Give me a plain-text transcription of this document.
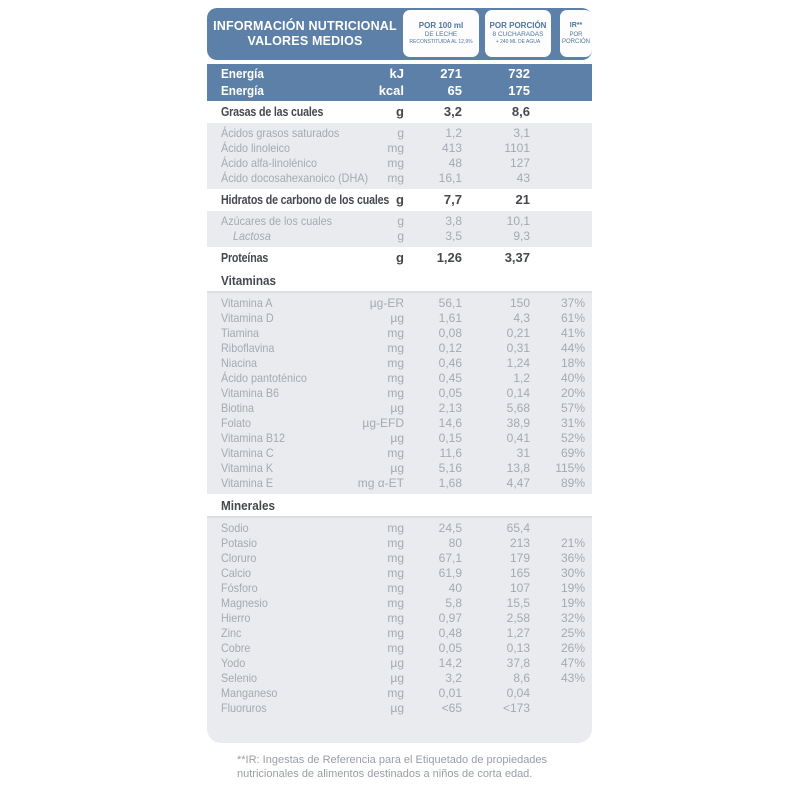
INFORMACIÓN NUTRICIONAL
VALORES MEDIOS
POR 100 ml
DE LECHE
RECONSTITUIDA AL 12,9%
POR PORCIÓN
8 CUCHARADAS
+ 240 ML DE AGUA
IR**
POR
PORCIÓN
Energía	kJ	271	732
Energía	kcal	65	175
Grasas de las cuales	g	3,2	8,6
Ácidos grasos saturados	g	1,2	3,1
Ácido linoleico	mg	413	1101
Ácido alfa-linolénico	mg	48	127
Ácido docosahexanoico (DHA) mg	16,1	43
Hidratos de carbono de los cuales g	7,7	21
Azúcares de los cuales	g	3,8	10,1
Lactosa	g	3,5	9,3
Proteínas	g	1,26	3,37
Vitaminas
Vitamina A	µg-ER	56,1	150	37%
Vitamina D	µg	1,61	4,3	61%
Tiamina	mg	0,08	0,21	41%
Riboflavina	mg	0,12	0,31	44%
Niacina	mg	0,46	1,24	18%
Ácido pantoténico	mg	0,45	1,2	40%
Vitamina B6	mg	0,05	0,14	20%
Biotina	µg	2,13	5,68	57%
Folato	µg-EFD	14,6	38,9	31%
Vitamina B12	µg	0,15	0,41	52%
Vitamina C	mg	11,6	31	69%
Vitamina K	µg	5,16	13,8 115%
Vitamina E	mg α-ET	1,68	4,47	89%
Minerales
Sodio	mg	24,5	65,4
Potasio	mg	80	213	21%
Cloruro	mg	67,1	179	36%
Calcio	mg	61,9	165	30%
Fósforo	mg	40	107	19%
Magnesio	mg	5,8	15,5	19%
Hierro	mg	0,97	2,58	32%
Zinc	mg	0,48	1,27	25%
Cobre	mg	0,05	0,13	26%
Yodo	µg	14,2	37,8	47%
Selenio	µg	3,2	8,6	43%
Manganeso	mg	0,01	0,04
Fluoruros	µg	<65	<173
**IR: Ingestas de Referencia para el Etiquetado de propiedades
nutricionales de alimentos destinados a niños de corta edad.
